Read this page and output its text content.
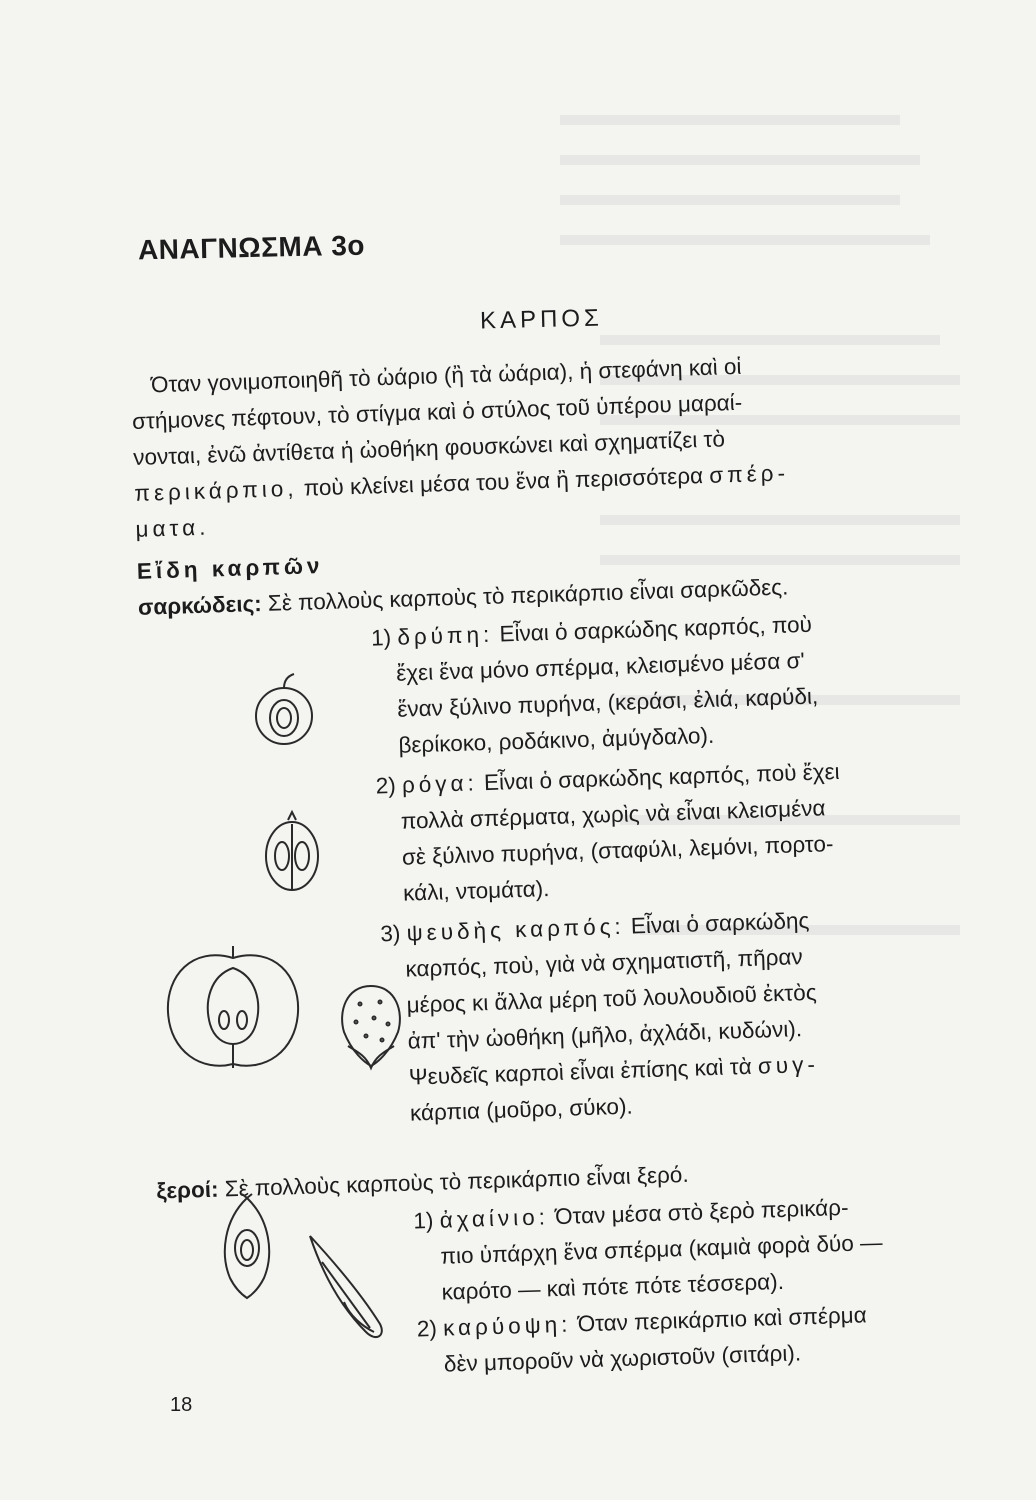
ΑΝΑΓΝΩΣΜΑ 3ο
ΚΑΡΠΟΣ
Όταν γονιμοποιηθῆ τὸ ὠάριο (ἢ τὰ ὠάρια), ἡ στεφάνη καὶ οἱ
στήμονες πέφτουν, τὸ στίγμα καὶ ὁ στύλος τοῦ ὑπέρου μαραί-
νονται, ἐνῶ ἀντίθετα ἡ ὠοθήκη φουσκώνει καὶ σχηματίζει τὸ
περικάρπιο, ποὺ κλείνει μέσα του ἕνα ἢ περισσότερα σπέρ-
ματα.
Εἴδη καρπῶν
σαρκώδεις: Σὲ πολλοὺς καρποὺς τὸ περικάρπιο εἶναι σαρκῶδες.
1) δρύπη: Εἶναι ὁ σαρκώδης καρπός, ποὺ
ἔχει ἕνα μόνο σπέρμα, κλεισμένο μέσα σ'
ἕναν ξύλινο πυρήνα, (κεράσι, ἐλιά, καρύδι,
βερίκοκο, ροδάκινο, ἀμύγδαλο).
2) ρόγα: Εἶναι ὁ σαρκώδης καρπός, ποὺ ἔχει
πολλὰ σπέρματα, χωρὶς νὰ εἶναι κλεισμένα
σὲ ξύλινο πυρήνα, (σταφύλι, λεμόνι, πορτο-
κάλι, ντομάτα).
3) ψευδὴς καρπός: Εἶναι ὁ σαρκώδης
καρπός, ποὺ, γιὰ νὰ σχηματιστῆ, πῆραν
μέρος κι ἄλλα μέρη τοῦ λουλουδιοῦ ἐκτὸς
ἀπ' τὴν ὠοθήκη (μῆλο, ἀχλάδι, κυδώνι).
Ψευδεῖς καρποὶ εἶναι ἐπίσης καὶ τὰ συγ-
κάρπια (μοῦρο, σύκο).
ξεροί: Σὲ πολλοὺς καρποὺς τὸ περικάρπιο εἶναι ξερό.
1) ἀχαίνιο: Όταν μέσα στὸ ξερὸ περικάρ-
πιο ὑπάρχη ἕνα σπέρμα (καμιὰ φορὰ δύο —
καρότο — καὶ πότε πότε τέσσερα).
2) καρύοψη: Όταν περικάρπιο καὶ σπέρμα
δὲν μποροῦν νὰ χωριστοῦν (σιτάρι).
18
